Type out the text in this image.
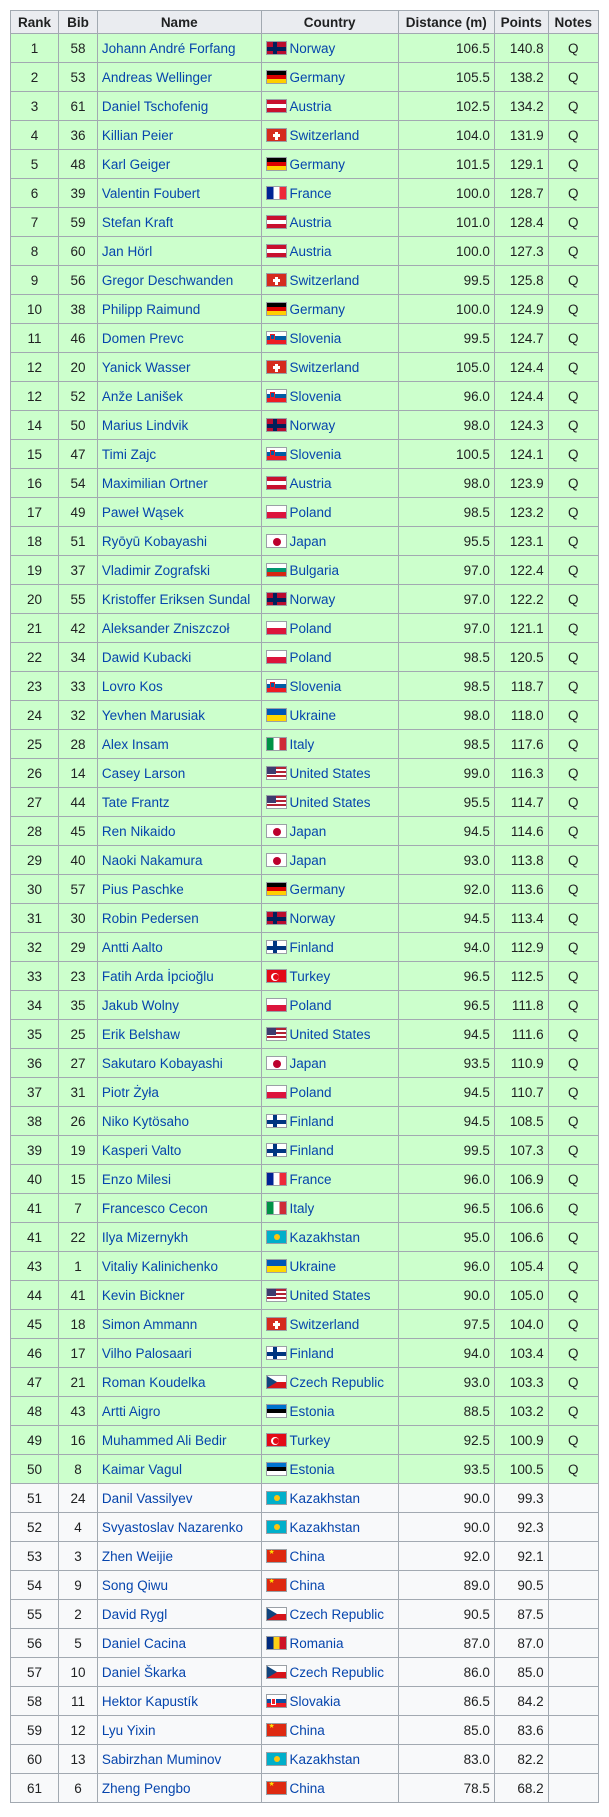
Rank	Bib	Name	Country	Distance (m)	Points	Notes
1	58	Johann André Forfang	Norway	106.5	140.8	Q
2	53	Andreas Wellinger	Germany	105.5	138.2	Q
3	61	Daniel Tschofenig	Austria	102.5	134.2	Q
4	36	Killian Peier	Switzerland	104.0	131.9	Q
5	48	Karl Geiger	Germany	101.5	129.1	Q
6	39	Valentin Foubert	France	100.0	128.7	Q
7	59	Stefan Kraft	Austria	101.0	128.4	Q
8	60	Jan Hörl	Austria	100.0	127.3	Q
9	56	Gregor Deschwanden	Switzerland	99.5	125.8	Q
10	38	Philipp Raimund	Germany	100.0	124.9	Q
11	46	Domen Prevc	Slovenia	99.5	124.7	Q
12	20	Yanick Wasser	Switzerland	105.0	124.4	Q
12	52	Anže Lanišek	Slovenia	96.0	124.4	Q
14	50	Marius Lindvik	Norway	98.0	124.3	Q
15	47	Timi Zajc	Slovenia	100.5	124.1	Q
16	54	Maximilian Ortner	Austria	98.0	123.9	Q
17	49	Paweł Wąsek	Poland	98.5	123.2	Q
18	51	Ryōyū Kobayashi	Japan	95.5	123.1	Q
19	37	Vladimir Zografski	Bulgaria	97.0	122.4	Q
20	55	Kristoffer Eriksen Sundal	Norway	97.0	122.2	Q
21	42	Aleksander Zniszczoł	Poland	97.0	121.1	Q
22	34	Dawid Kubacki	Poland	98.5	120.5	Q
23	33	Lovro Kos	Slovenia	98.5	118.7	Q
24	32	Yevhen Marusiak	Ukraine	98.0	118.0	Q
25	28	Alex Insam	Italy	98.5	117.6	Q
26	14	Casey Larson	United States	99.0	116.3	Q
27	44	Tate Frantz	United States	95.5	114.7	Q
28	45	Ren Nikaido	Japan	94.5	114.6	Q
29	40	Naoki Nakamura	Japan	93.0	113.8	Q
30	57	Pius Paschke	Germany	92.0	113.6	Q
31	30	Robin Pedersen	Norway	94.5	113.4	Q
32	29	Antti Aalto	Finland	94.0	112.9	Q
33	23	Fatih Arda İpcioğlu	Turkey	96.5	112.5	Q
34	35	Jakub Wolny	Poland	96.5	111.8	Q
35	25	Erik Belshaw	United States	94.5	111.6	Q
36	27	Sakutaro Kobayashi	Japan	93.5	110.9	Q
37	31	Piotr Żyła	Poland	94.5	110.7	Q
38	26	Niko Kytösaho	Finland	94.5	108.5	Q
39	19	Kasperi Valto	Finland	99.5	107.3	Q
40	15	Enzo Milesi	France	96.0	106.9	Q
41	7	Francesco Cecon	Italy	96.5	106.6	Q
41	22	Ilya Mizernykh	Kazakhstan	95.0	106.6	Q
43	1	Vitaliy Kalinichenko	Ukraine	96.0	105.4	Q
44	41	Kevin Bickner	United States	90.0	105.0	Q
45	18	Simon Ammann	Switzerland	97.5	104.0	Q
46	17	Vilho Palosaari	Finland	94.0	103.4	Q
47	21	Roman Koudelka	Czech Republic	93.0	103.3	Q
48	43	Artti Aigro	Estonia	88.5	103.2	Q
49	16	Muhammed Ali Bedir	Turkey	92.5	100.9	Q
50	8	Kaimar Vagul	Estonia	93.5	100.5	Q
51	24	Danil Vassilyev	Kazakhstan	90.0	99.3	
52	4	Svyastoslav Nazarenko	Kazakhstan	90.0	92.3	
53	3	Zhen Weijie	★China	92.0	92.1	
54	9	Song Qiwu	★China	89.0	90.5	
55	2	David Rygl	Czech Republic	90.5	87.5	
56	5	Daniel Cacina	Romania	87.0	87.0	
57	10	Daniel Škarka	Czech Republic	86.0	85.0	
58	11	Hektor Kapustík	Slovakia	86.5	84.2	
59	12	Lyu Yixin	★China	85.0	83.6	
60	13	Sabirzhan Muminov	Kazakhstan	83.0	82.2	
61	6	Zheng Pengbo	★China	78.5	68.2	
